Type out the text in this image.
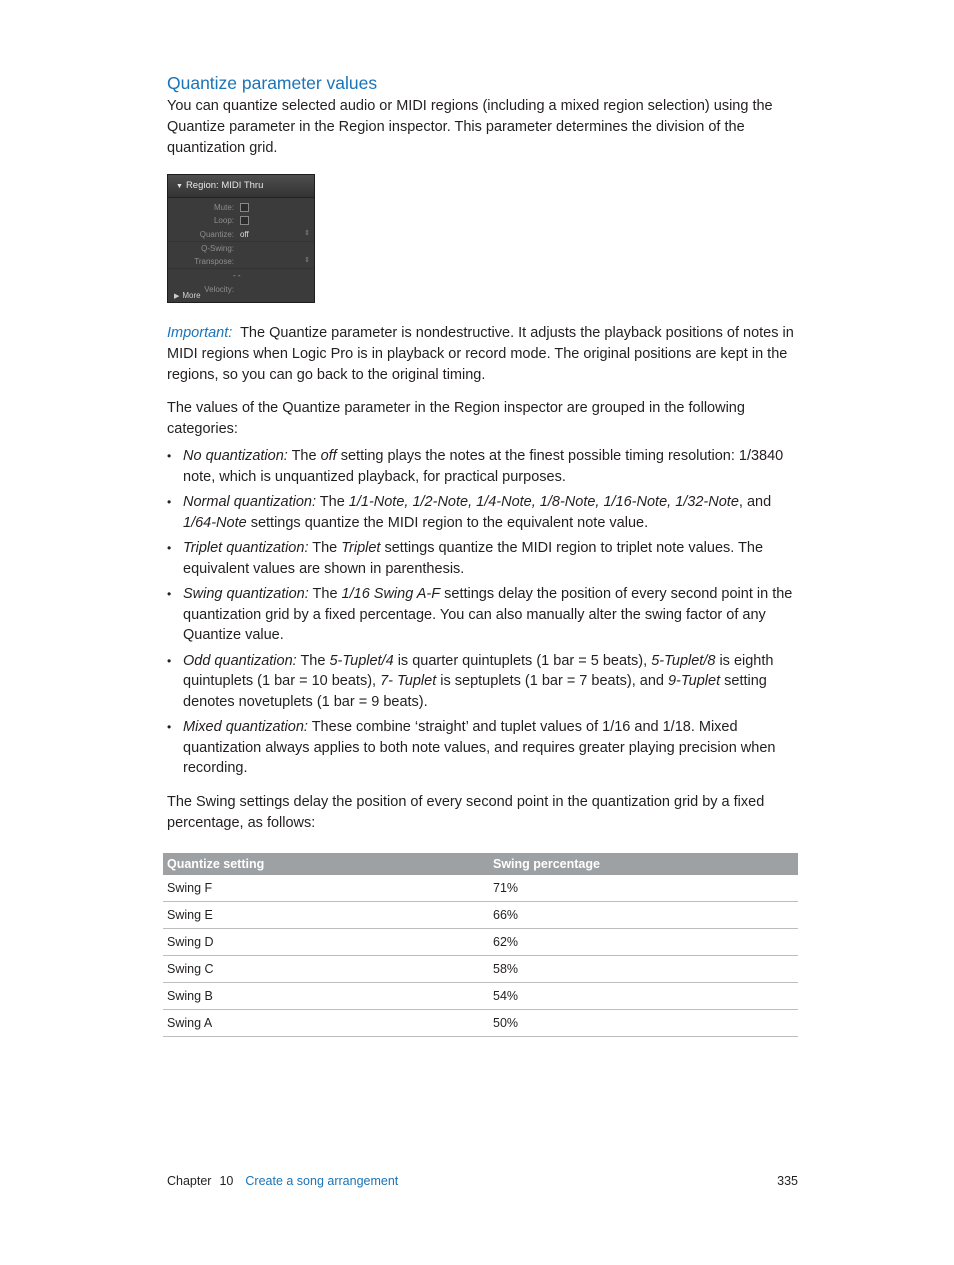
Quantize parameter values

You can quantize selected audio or MIDI regions (including a mixed region selection) using the Quantize parameter in the Region inspector. This parameter determines the division of the quantization grid.

▼ Region: MIDI Thru
Mute:
Loop:
Quantize: off	⇕
Q-Swing:
Transpose:	⇕
- -
Velocity:
▶ More

Important: The Quantize parameter is nondestructive. It adjusts the playback positions of notes in MIDI regions when Logic Pro is in playback or record mode. The original positions are kept in the regions, so you can go back to the original timing.

The values of the Quantize parameter in the Region inspector are grouped in the following categories:

• No quantization: The off setting plays the notes at the finest possible timing resolution: 1/3840 note, which is unquantized playback, for practical purposes.
• Normal quantization: The 1/1-Note, 1/2-Note, 1/4-Note, 1/8-Note, 1/16-Note, 1/32-Note, and 1/64-Note settings quantize the MIDI region to the equivalent note value.
• Triplet quantization: The Triplet settings quantize the MIDI region to triplet note values. The equivalent values are shown in parenthesis.
• Swing quantization: The 1/16 Swing A-F settings delay the position of every second point in the quantization grid by a fixed percentage. You can also manually alter the swing factor of any Quantize value.
• Odd quantization: The 5-Tuplet/4 is quarter quintuplets (1 bar = 5 beats), 5-Tuplet/8 is eighth quintuplets (1 bar = 10 beats), 7- Tuplet is septuplets (1 bar = 7 beats), and 9-Tuplet setting denotes novetuplets (1 bar = 9 beats).
• Mixed quantization: These combine ‘straight’ and tuplet values of 1/16 and 1/18. Mixed quantization always applies to both note values, and requires greater playing precision when recording.

The Swing settings delay the position of every second point in the quantization grid by a fixed percentage, as follows:

Quantize setting	Swing percentage
Swing F	71%
Swing E	66%
Swing D	62%
Swing C	58%
Swing B	54%
Swing A	50%
Chapter 10 Create a song arrangement	335
